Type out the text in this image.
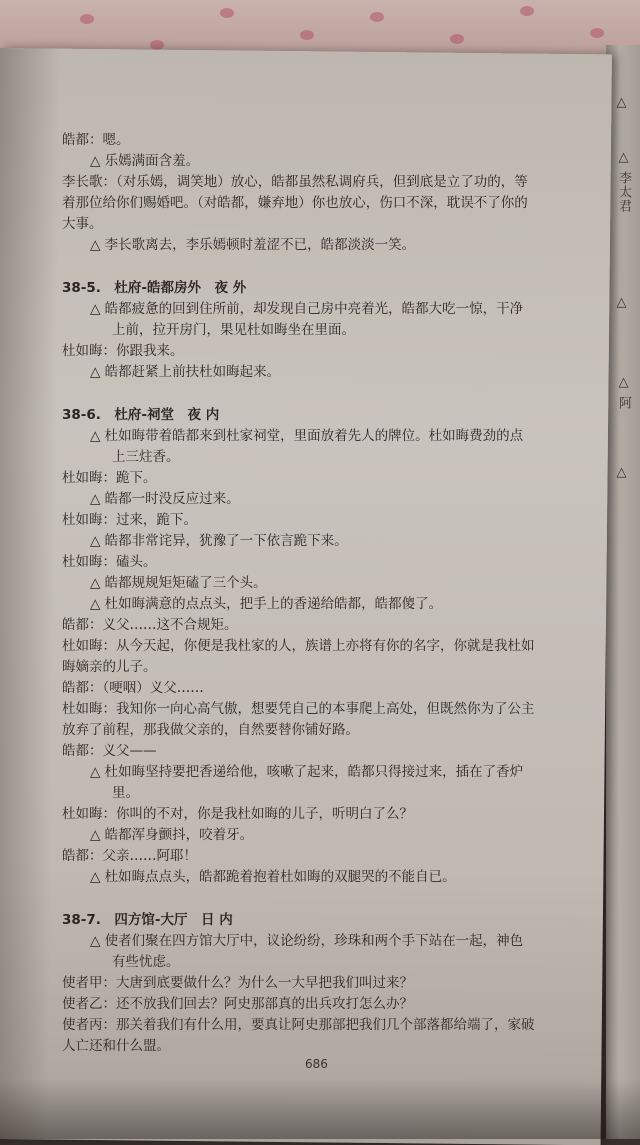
△
△ 李
太君
△
△ 阿
△
皓都：嗯。
△ 乐嫣满面含羞。
李长歌：（对乐嫣，调笑地）放心，皓都虽然私调府兵，但到底是立了功的，等
着那位给你们赐婚吧。（对皓都，嫌弃地）你也放心，伤口不深，耽误不了你的
大事。
△ 李长歌离去，李乐嫣顿时羞涩不已，皓都淡淡一笑。
38-5.　杜府-皓都房外　夜 外
△ 皓都疲惫的回到住所前，却发现自己房中亮着光，皓都大吃一惊，干净
上前，拉开房门，果见杜如晦坐在里面。
杜如晦：你跟我来。
△ 皓都赶紧上前扶杜如晦起来。
38-6.　杜府-祠堂　夜 内
△ 杜如晦带着皓都来到杜家祠堂，里面放着先人的牌位。杜如晦费劲的点
上三炷香。
杜如晦：跪下。
△ 皓都一时没反应过来。
杜如晦：过来，跪下。
△ 皓都非常诧异，犹豫了一下依言跪下来。
杜如晦：磕头。
△ 皓都规规矩矩磕了三个头。
△ 杜如晦满意的点点头，把手上的香递给皓都，皓都傻了。
皓都：义父……这不合规矩。
杜如晦：从今天起，你便是我杜家的人，族谱上亦将有你的名字，你就是我杜如
晦嫡亲的儿子。
皓都：（哽咽）义父……
杜如晦：我知你一向心高气傲，想要凭自己的本事爬上高处，但既然你为了公主
放弃了前程，那我做父亲的，自然要替你铺好路。
皓都：义父——
△ 杜如晦坚持要把香递给他，咳嗽了起来，皓都只得接过来，插在了香炉
里。
杜如晦：你叫的不对，你是我杜如晦的儿子，听明白了么？
△ 皓都浑身颤抖，咬着牙。
皓都：父亲……阿耶！
△ 杜如晦点点头，皓都跪着抱着杜如晦的双腿哭的不能自已。
38-7.　四方馆-大厅　日 内
△ 使者们聚在四方馆大厅中，议论纷纷，珍珠和两个手下站在一起，神色
有些忧虑。
使者甲：大唐到底要做什么？为什么一大早把我们叫过来？
使者乙：还不放我们回去？阿史那部真的出兵攻打怎么办？
使者丙：那关着我们有什么用，要真让阿史那部把我们几个部落都给端了，家破
人亡还和什么盟。
686
